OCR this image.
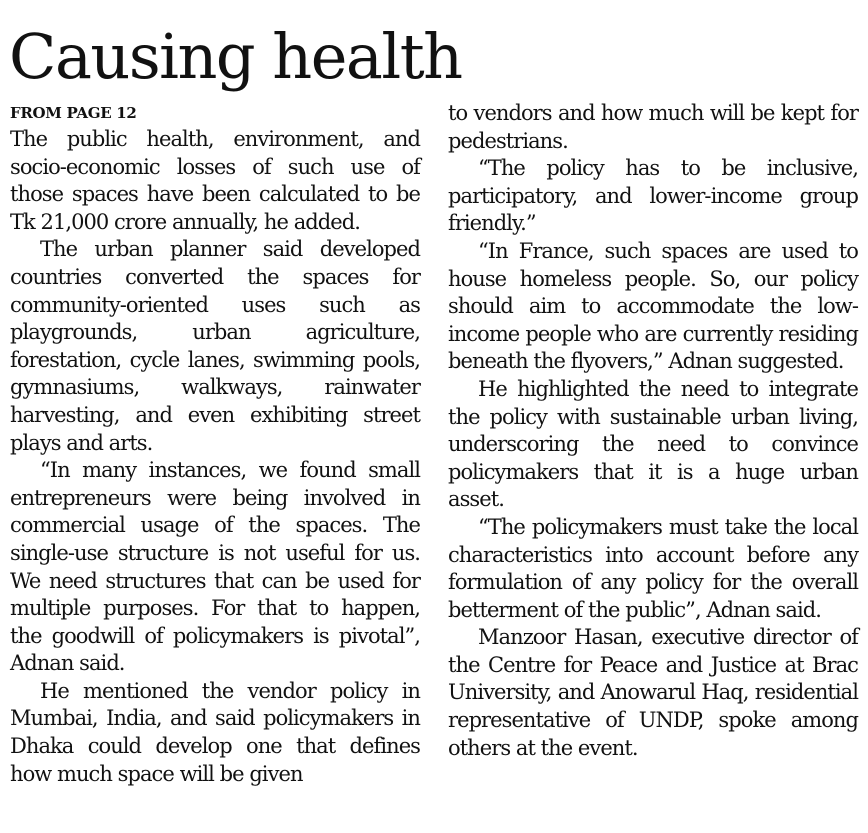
Causing health
FROM PAGE 12

The public health, environment, and socio-economic losses of such use of those spaces have been calculated to be Tk 21,000 crore annually, he added.

The urban planner said developed countries converted the spaces for community-oriented uses such as playgrounds, urban agriculture, forestation, cycle lanes, swimming pools, gymnasiums, walkways, rainwater harvesting, and even exhibiting street plays and arts.

“In many instances, we found small entrepreneurs were being involved in commercial usage of the spaces. The single-use structure is not useful for us. We need structures that can be used for multiple purposes. For that to happen, the goodwill of policymakers is pivotal”, Adnan said.

He mentioned the vendor policy in Mumbai, India, and said policymakers in Dhaka could develop one that defines how much space will be given

to vendors and how much will be kept for pedestrians.

“The policy has to be inclusive, participatory, and lower-income group friendly.”

“In France, such spaces are used to house homeless people. So, our policy should aim to accommodate the low-income people who are currently residing beneath the flyovers,” Adnan suggested.

He highlighted the need to integrate the policy with sustainable urban living, underscoring the need to convince policymakers that it is a huge urban asset.

“The policymakers must take the local characteristics into account before any formulation of any policy for the overall betterment of the public”, Adnan said.

Manzoor Hasan, executive director of the Centre for Peace and Justice at Brac University, and Anowarul Haq, residential representative of UNDP, spoke among others at the event.
